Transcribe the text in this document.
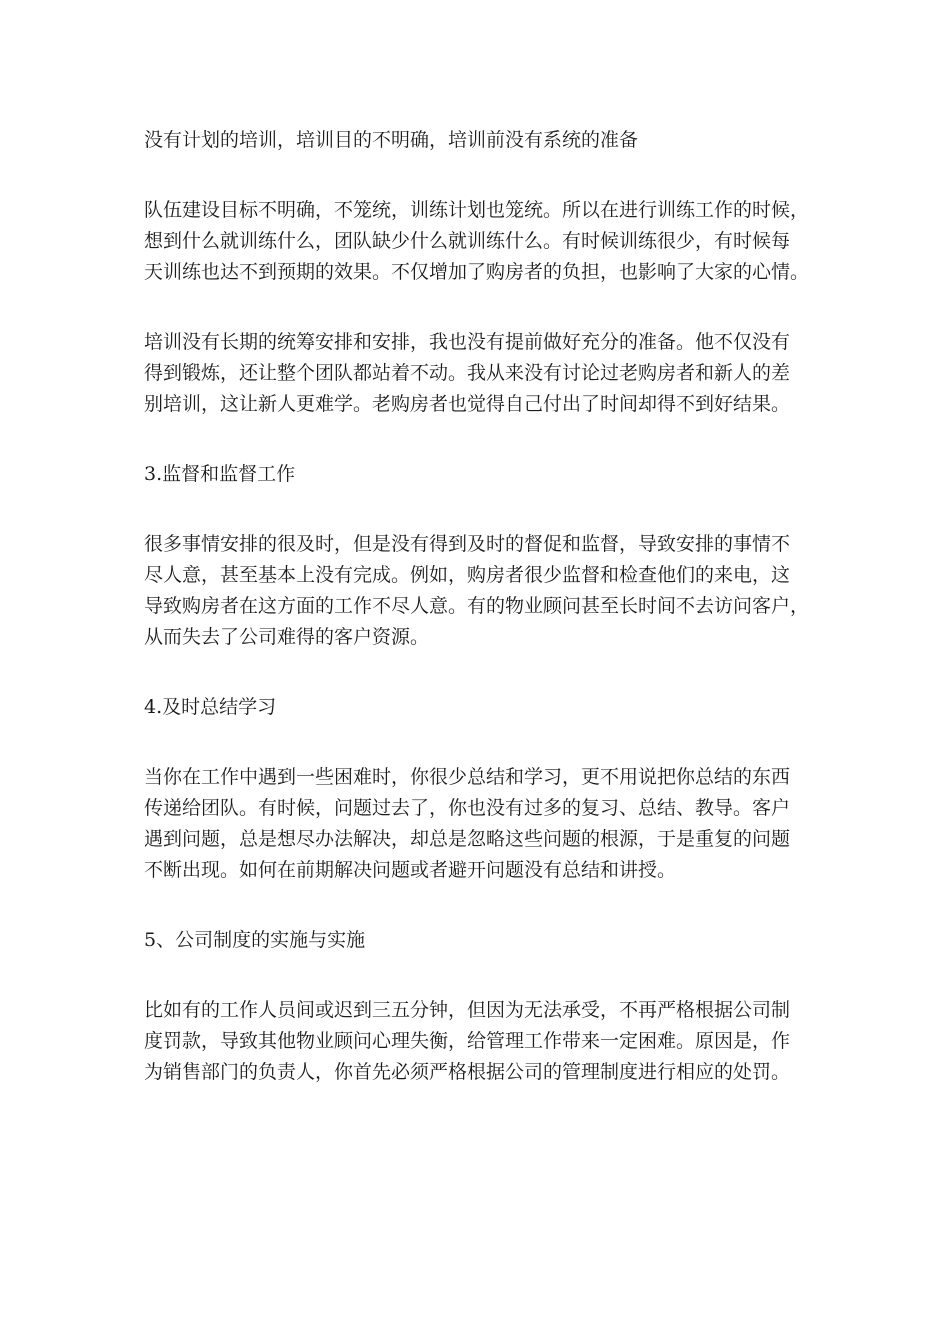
没有计划的培训，培训目的不明确，培训前没有系统的准备

队伍建设目标不明确，不笼统，训练计划也笼统。所以在进行训练工作的时候，
想到什么就训练什么，团队缺少什么就训练什么。有时候训练很少，有时候每
天训练也达不到预期的效果。不仅增加了购房者的负担，也影响了大家的心情。

培训没有长期的统筹安排和安排，我也没有提前做好充分的准备。他不仅没有
得到锻炼，还让整个团队都站着不动。我从来没有讨论过老购房者和新人的差
别培训，这让新人更难学。老购房者也觉得自己付出了时间却得不到好结果。

3.监督和监督工作

很多事情安排的很及时，但是没有得到及时的督促和监督，导致安排的事情不
尽人意，甚至基本上没有完成。例如，购房者很少监督和检查他们的来电，这
导致购房者在这方面的工作不尽人意。有的物业顾问甚至长时间不去访问客户，
从而失去了公司难得的客户资源。

4.及时总结学习

当你在工作中遇到一些困难时，你很少总结和学习，更不用说把你总结的东西
传递给团队。有时候，问题过去了，你也没有过多的复习、总结、教导。客户
遇到问题，总是想尽办法解决，却总是忽略这些问题的根源，于是重复的问题
不断出现。如何在前期解决问题或者避开问题没有总结和讲授。

5、公司制度的实施与实施

比如有的工作人员间或迟到三五分钟，但因为无法承受，不再严格根据公司制
度罚款，导致其他物业顾问心理失衡，给管理工作带来一定困难。原因是，作
为销售部门的负责人，你首先必须严格根据公司的管理制度进行相应的处罚。
